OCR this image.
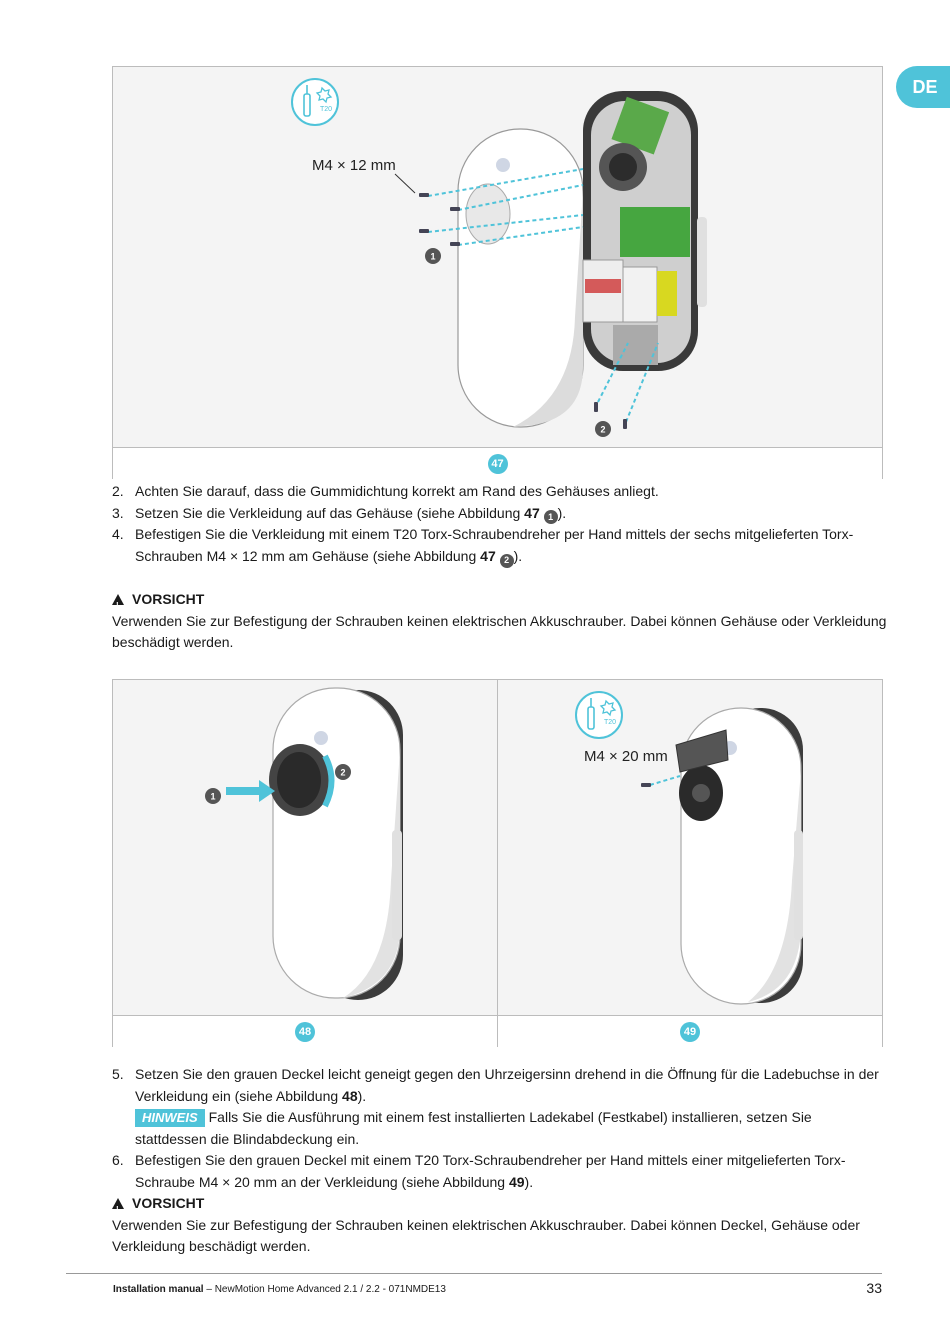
DE
T20
M4 × 12 mm
1
2
47
2. Achten Sie darauf, dass die Gummidichtung korrekt am Rand des Gehäuses anliegt.
3. Setzen Sie die Verkleidung auf das Gehäuse (siehe Abbildung 47 1 ).
4. Befestigen Sie die Verkleidung mit einem T20 Torx-Schraubendreher per Hand mittels der sechs mitgelieferten Torx-Schrauben M4 × 12 mm am Gehäuse (siehe Abbildung 47 2 ).
!
VORSICHT
Verwenden Sie zur Befestigung der Schrauben keinen elektrischen Akkuschrauber. Dabei können Gehäuse oder Verkleidung beschädigt werden.
1
2
48
T20
M4 × 20 mm
49
5. Setzen Sie den grauen Deckel leicht geneigt gegen den Uhrzeigersinn drehend in die Öffnung für die Ladebuchse in der Verkleidung ein (siehe Abbildung 48).
HINWEIS Falls Sie die Ausführung mit einem fest installierten Ladekabel (Festkabel) installieren, setzen Sie stattdessen die Blindabdeckung ein.
6. Befestigen Sie den grauen Deckel mit einem T20 Torx-Schraubendreher per Hand mittels einer mitgelieferten Torx-Schraube M4 × 20 mm an der Verkleidung (siehe Abbildung 49).
!
VORSICHT
Verwenden Sie zur Befestigung der Schrauben keinen elektrischen Akkuschrauber. Dabei können Deckel, Gehäuse oder Verkleidung beschädigt werden.
Installation manual – NewMotion Home Advanced 2.1 / 2.2 - 071NMDE13	33
